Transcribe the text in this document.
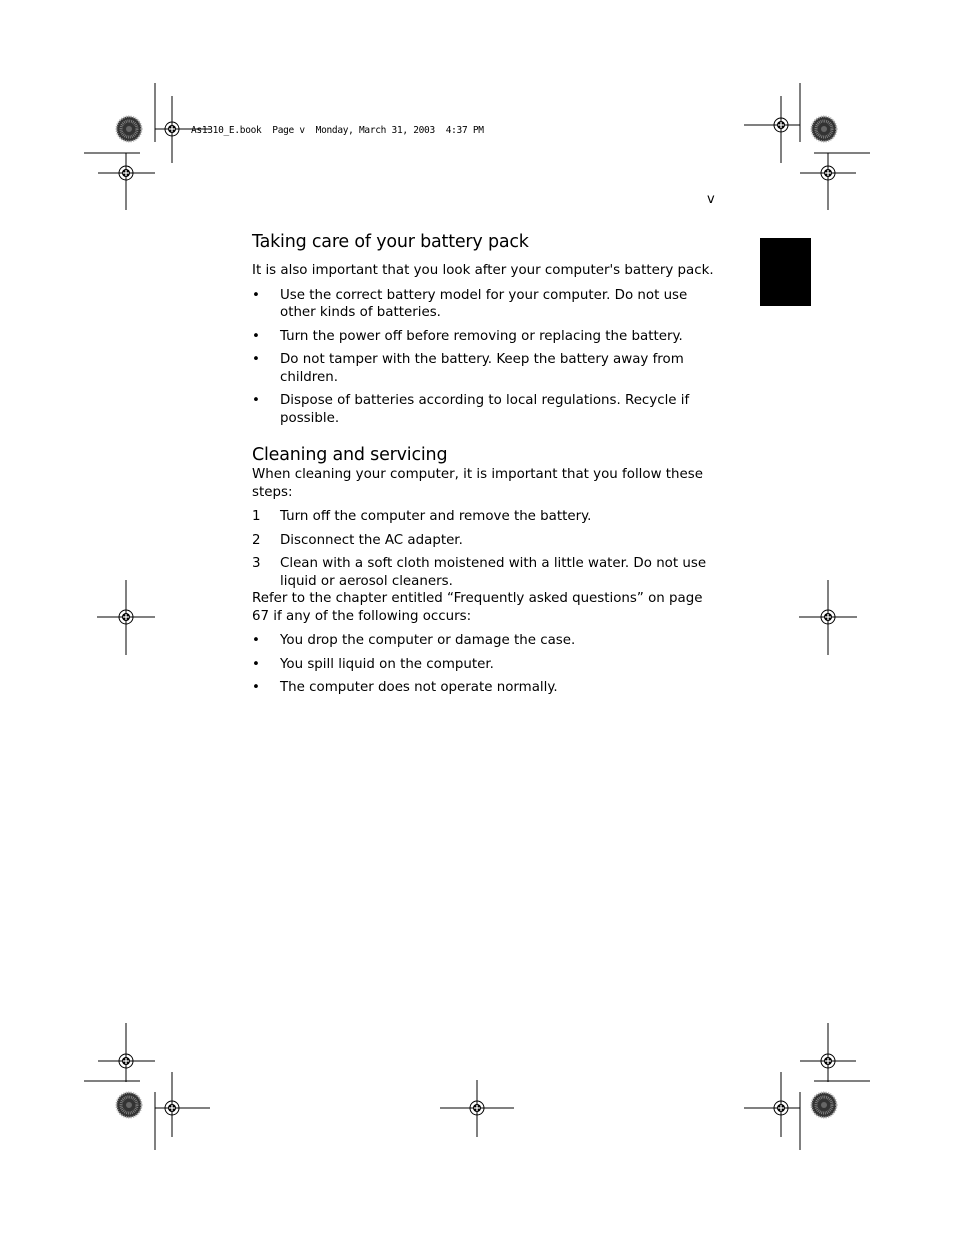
As1310_E.book  Page v  Monday, March 31, 2003  4:37 PM
v
Taking care of your battery pack

It is also important that you look after your computer's battery pack.

• Use the correct battery model for your computer. Do not use other kinds of batteries.
• Turn the power off before removing or replacing the battery.
• Do not tamper with the battery. Keep the battery away from children.
• Dispose of batteries according to local regulations. Recycle if possible.
Cleaning and servicing

When cleaning your computer, it is important that you follow these steps:

1 Turn off the computer and remove the battery.
2 Disconnect the AC adapter.
3 Clean with a soft cloth moistened with a little water. Do not use liquid or aerosol cleaners.

Refer to the chapter entitled “Frequently asked questions” on page 67 if any of the following occurs:

• You drop the computer or damage the case.
• You spill liquid on the computer.
• The computer does not operate normally.
